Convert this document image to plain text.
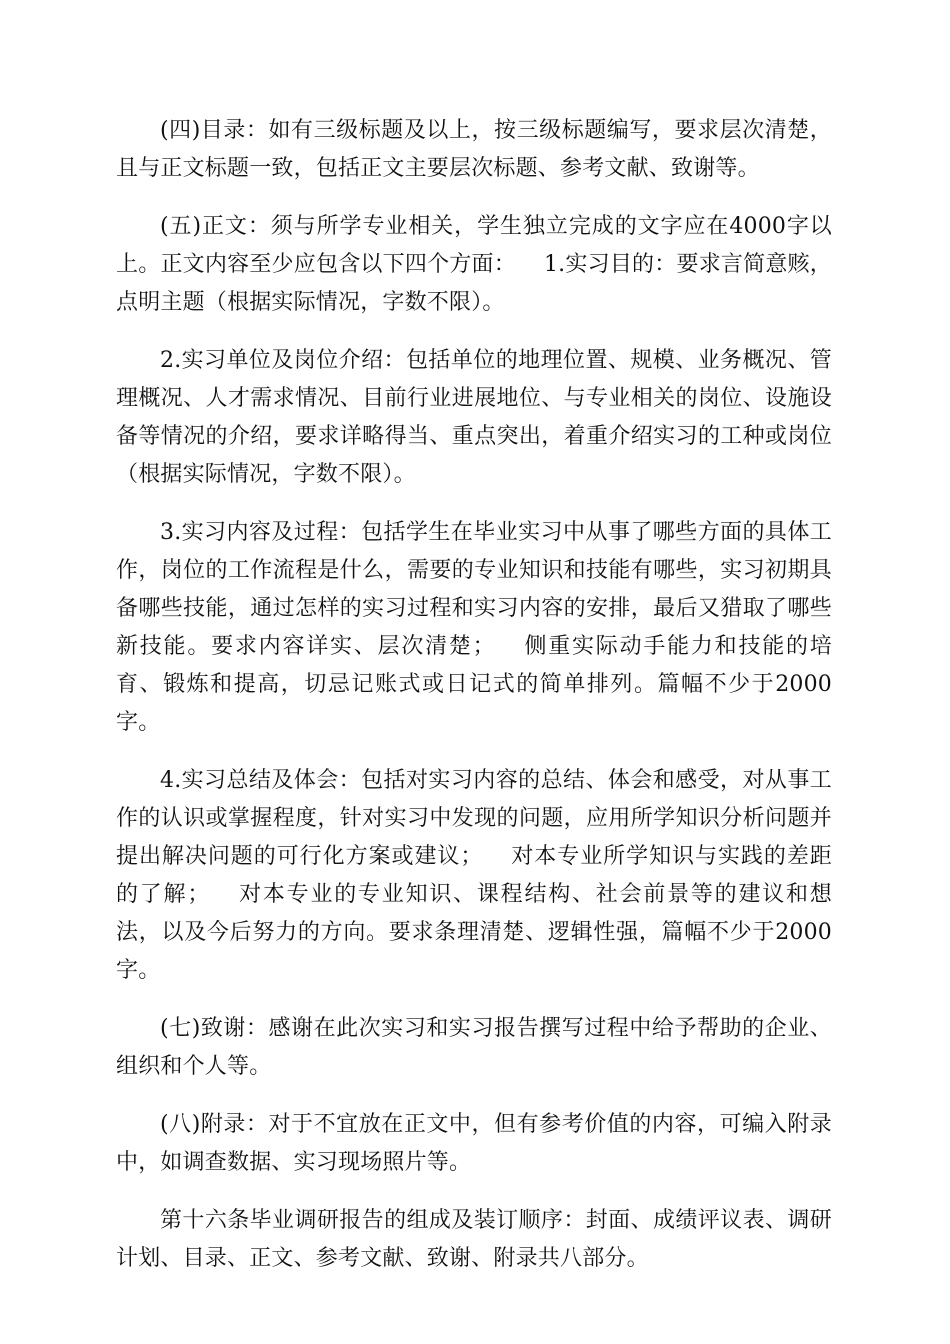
(四)目录：如有三级标题及以上，按三级标题编写，要求层次清楚，且与正文标题一致，包括正文主要层次标题、参考文献、致谢等。

(五)正文：须与所学专业相关，学生独立完成的文字应在4000字以上。正文内容至少应包含以下四个方面： 1.实习目的：要求言简意赅，点明主题（根据实际情况，字数不限）。

2.实习单位及岗位介绍：包括单位的地理位置、规模、业务概况、管理概况、人才需求情况、目前行业进展地位、与专业相关的岗位、设施设备等情况的介绍，要求详略得当、重点突出，着重介绍实习的工种或岗位（根据实际情况，字数不限）。

3.实习内容及过程：包括学生在毕业实习中从事了哪些方面的具体工作，岗位的工作流程是什么，需要的专业知识和技能有哪些，实习初期具备哪些技能，通过怎样的实习过程和实习内容的安排，最后又猎取了哪些新技能。要求内容详实、层次清楚； 侧重实际动手能力和技能的培育、锻炼和提高，切忌记账式或日记式的简单排列。篇幅不少于2000字。

4.实习总结及体会：包括对实习内容的总结、体会和感受，对从事工作的认识或掌握程度，针对实习中发现的问题，应用所学知识分析问题并提出解决问题的可行化方案或建议； 对本专业所学知识与实践的差距的了解； 对本专业的专业知识、课程结构、社会前景等的建议和想法，以及今后努力的方向。要求条理清楚、逻辑性强，篇幅不少于2000字。

(七)致谢：感谢在此次实习和实习报告撰写过程中给予帮助的企业、组织和个人等。

(八)附录：对于不宜放在正文中，但有参考价值的内容，可编入附录中，如调查数据、实习现场照片等。

第十六条毕业调研报告的组成及装订顺序：封面、成绩评议表、调研计划、目录、正文、参考文献、致谢、附录共八部分。
